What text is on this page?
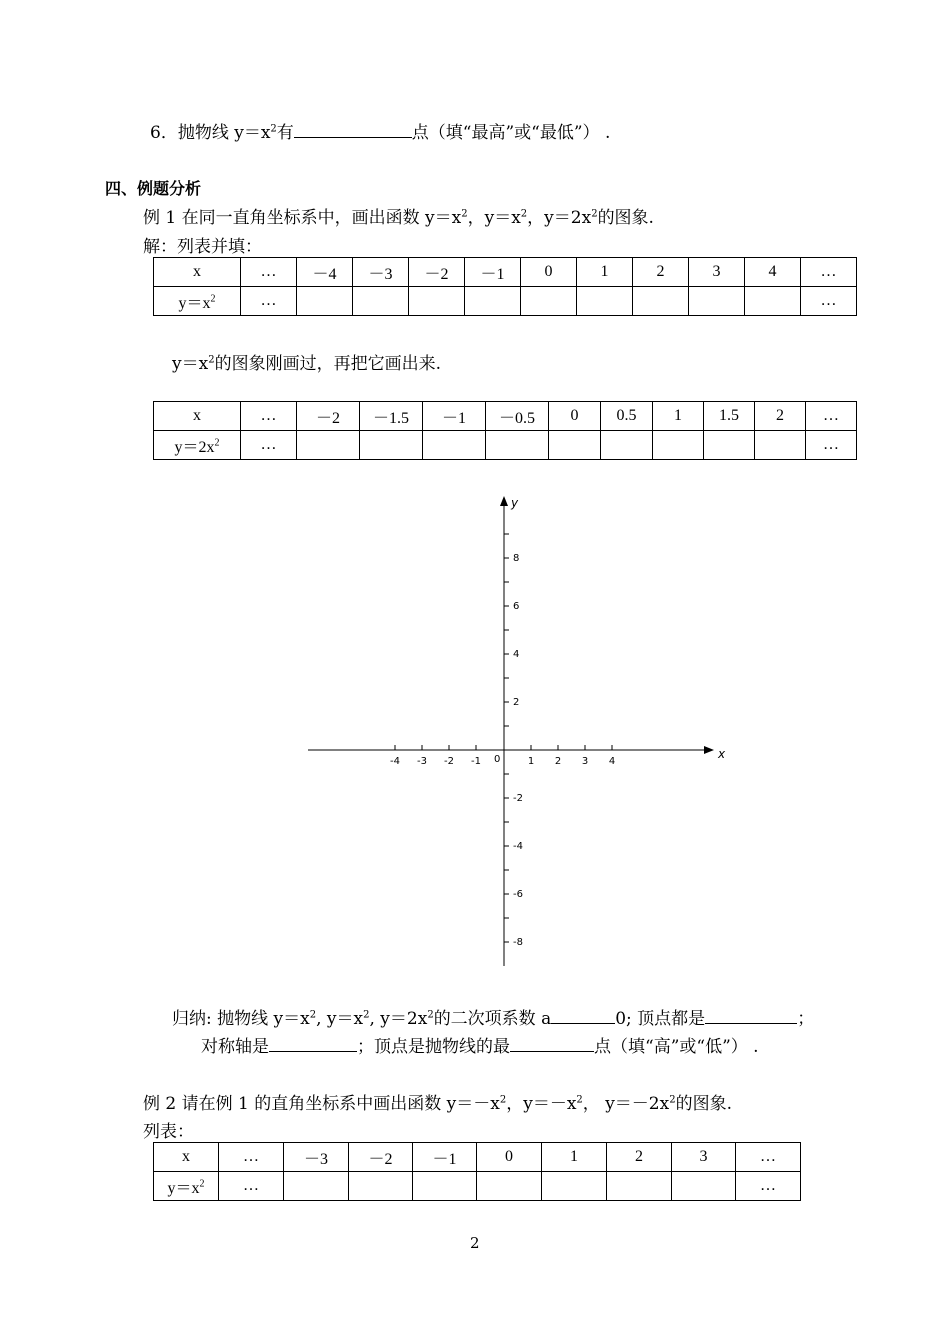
6．抛物线 $y=x^2$有	点（填“最高”或“最低”） .
四、例题分析
例 1 在同一直角坐标系中，画出函数 $y=x^2$，$y=x^2$，$y=2x^2$的图象.
解：列表并填：
x	…	－4	－3	－2	－1	0	1	2	3	4	…
$y=x^2$	…										…
$y=x^2$的图象刚画过，再把它画出来.
x	…	－2	－1.5	－1	－0.5	0	0.5	1	1.5	2	…
$y=2x^2$	…										…
x
y
0
-4 -3 -2 -1	1 2 3 4
8
6
4
2
-2
-4
-6
-8
归纳: 抛物线 $y=x^2$, $y=x^2$, $y=2x^2$的二次项系数 a	0; 顶点都是	；
对称轴是	；顶点是抛物线的最	点（填“高”或“低”） .
例 2 请在例 1 的直角坐标系中画出函数 $y=-x^2$，$y=-x^2$， $y=-2x^2$的图象.
列表：
x	…	－3	－2	－1	0	1	2	3	…
$y=x^2$	…								…
2
